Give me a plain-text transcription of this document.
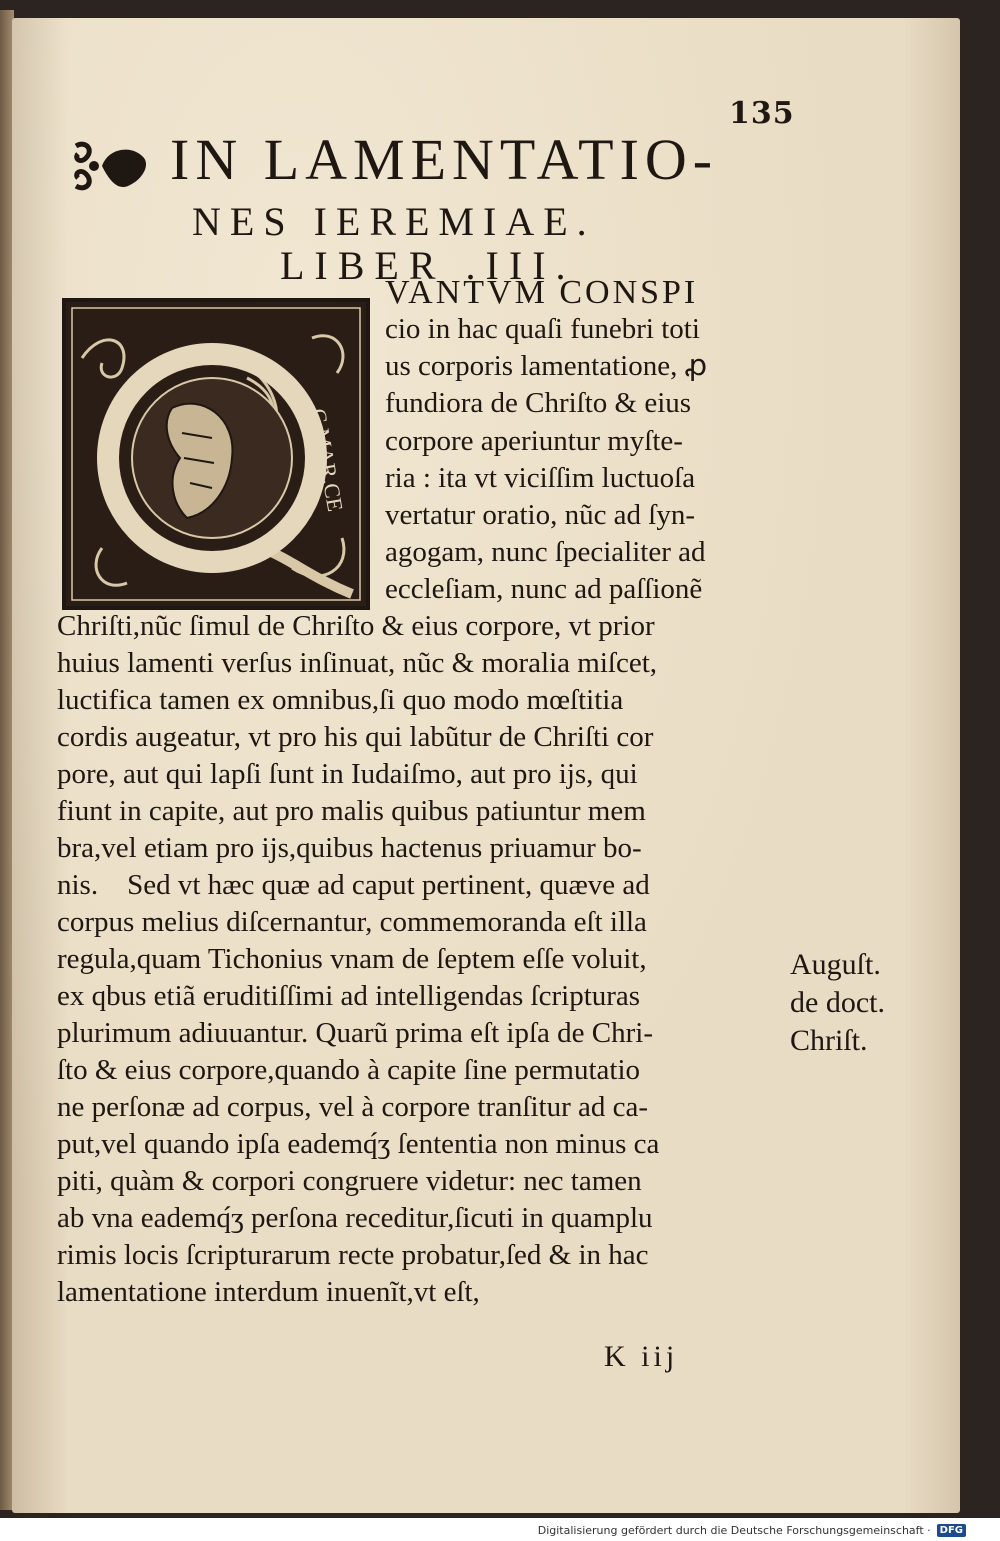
135
IN LAMENTATIO-
NES IEREMIAE.
LIBER .III.
C.MAR.CE
VANTVM CONSPI
cio in hac quaſi funebri toti
us corporis lamentatione, ꝓ
fundiora de Chriſto & eius
corpore aperiuntur myſte-
ria : ita vt viciſſim luctuoſa
vertatur oratio, nũc ad ſyn-
agogam, nunc ſpecialiter ad
eccleſiam, nunc ad paſſionẽ
Chriſti,nũc ſimul de Chriſto & eius corpore, vt prior
huius lamenti verſus inſinuat, nũc & moralia miſcet,
luctifica tamen ex omnibus,ſi quo modo mœſtitia
cordis augeatur, vt pro his qui labũtur de Chriſti cor
pore, aut qui lapſi ſunt in Iudaiſmo, aut pro ijs, qui
fiunt in capite, aut pro malis quibus patiuntur mem
bra,vel etiam pro ijs,quibus hactenus priuamur bo-
nis.    Sed vt hæc quæ ad caput pertinent, quæve ad
corpus melius diſcernantur, commemoranda eſt illa
regula,quam Tichonius vnam de ſeptem eſſe voluit,
ex qbus etiã eruditiſſimi ad intelligendas ſcripturas
plurimum adiuuantur. Quarũ prima eſt ipſa de Chri-
ſto & eius corpore,quando à capite ſine permutatio
ne perſonæ ad corpus, vel à corpore tranſitur ad ca-
put,vel quando ipſa eademq́ʒ ſententia non minus ca
piti, quàm & corpori congruere videtur: nec tamen
ab vna eademq́ʒ perſona receditur,ſicuti in quamplu
rimis locis ſcripturarum recte probatur,ſed & in hac
lamentatione interdum inuenĩt,vt eſt,
Auguſt.
de doct.
Chriſt.
K iij
Digitalisierung gefördert durch die Deutsche Forschungsgemeinschaft · DFG
